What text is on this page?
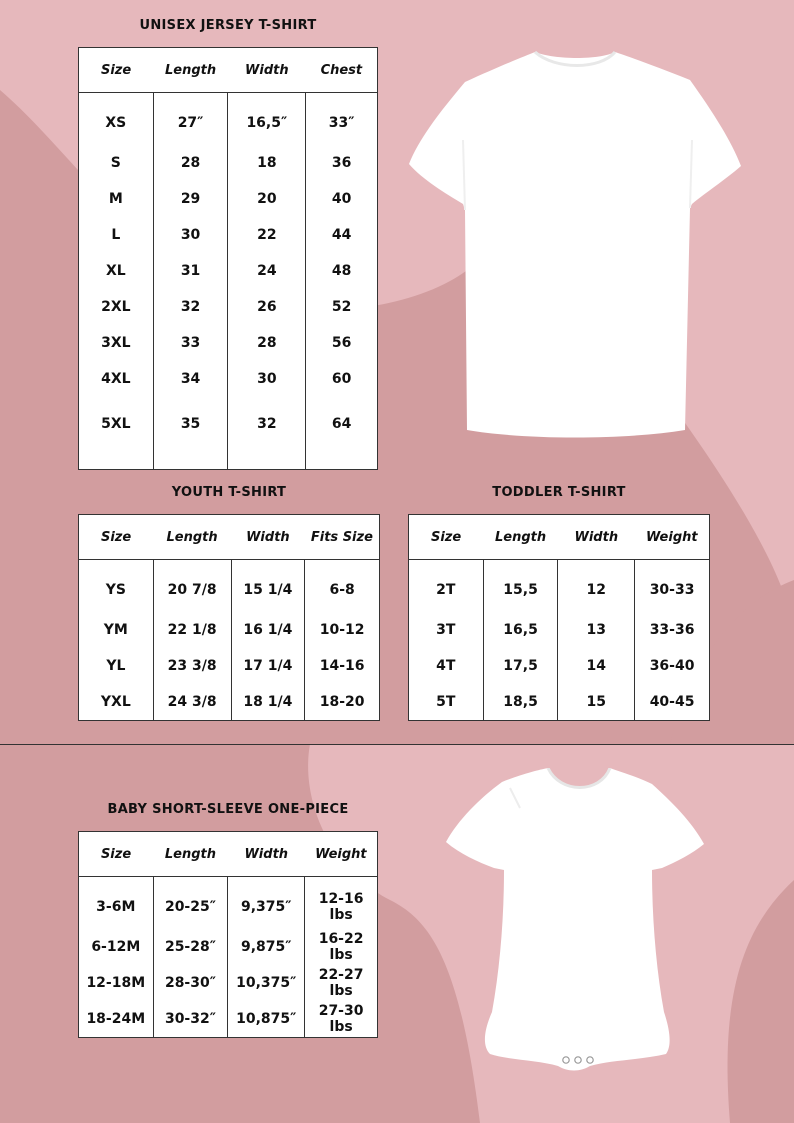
UNISEX JERSEY T-SHIRT
Size	Length	Width	Chest
XS	27″	16,5″	33″
S	28	18	36
M	29	20	40
L	30	22	44
XL	31	24	48
2XL	32	26	52
3XL	33	28	56
4XL	34	30	60
5XL	35	32	64
YOUTH T-SHIRT
Size	Length	Width	Fits Size
YS	20 7/8	15 1/4	6-8
YM	22 1/8	16 1/4	10-12
YL	23 3/8	17 1/4	14-16
YXL	24 3/8	18 1/4	18-20
TODDLER T-SHIRT
Size	Length	Width	Weight
2T	15,5	12	30-33
3T	16,5	13	33-36
4T	17,5	14	36-40
5T	18,5	15	40-45
BABY SHORT-SLEEVE ONE-PIECE
Size	Length	Width	Weight
3-6M	20-25″	9,375″	12-16 lbs
6-12M	25-28″	9,875″	16-22 lbs
12-18M	28-30″	10,375″	22-27 lbs
18-24M	30-32″	10,875″	27-30 lbs
